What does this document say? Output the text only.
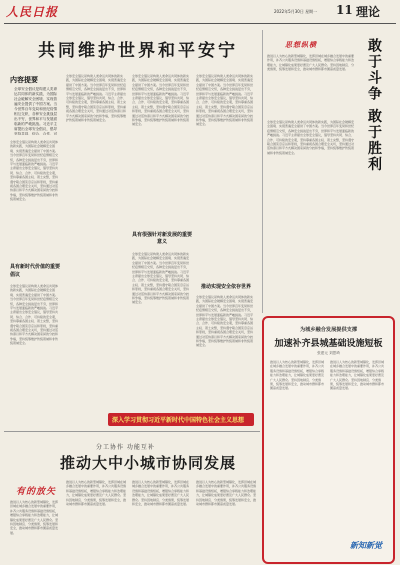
人民日报	2022年5月30日 星期一 11 理论
共同维护世界和平安宁
内容提要
全球安全倡议是构建人类命运共同体的新实践，为国际社会破解安全困境、实现普遍安全提供了中国方案。当今世界百年变局和世纪疫情相互交织，各种安全挑战层出不穷，世界和平与发展面临新的严峻挑战。习近平主席提出全球安全倡议，倡导坚持共同、综合、合作、可
全球安全倡议是构建人类命运共同体的新实践，为国际社会破解安全困境、实现普遍安全提供了中国方案。当今世界百年变局和世纪疫情相互交织，各种安全挑战层出不穷，世界和平与发展面临新的严峻挑战。习近平主席提出全球安全倡议，倡导坚持共同、综合、合作、可持续的安全观，坚持尊重各国主权、领土完整，坚持遵守联合国宪章宗旨和原则，坚持重视各国合理安全关切，坚持通过对话协商以和平方式解决国家间的分歧和争端，坚持统筹维护传统领域和非传统领域安全。
具有新时代价值的重要倡议
全球安全倡议是构建人类命运共同体的新实践，为国际社会破解安全困境、实现普遍安全提供了中国方案。当今世界百年变局和世纪疫情相互交织，各种安全挑战层出不穷，世界和平与发展面临新的严峻挑战。习近平主席提出全球安全倡议，倡导坚持共同、综合、合作、可持续的安全观，坚持尊重各国主权、领土完整，坚持遵守联合国宪章宗旨和原则，坚持重视各国合理安全关切，坚持通过对话协商以和平方式解决国家间的分歧和争端，坚持统筹维护传统领域和非传统领域安全。
全球安全倡议是构建人类命运共同体的新实践，为国际社会破解安全困境、实现普遍安全提供了中国方案。当今世界百年变局和世纪疫情相互交织，各种安全挑战层出不穷，世界和平与发展面临新的严峻挑战。习近平主席提出全球安全倡议，倡导坚持共同、综合、合作、可持续的安全观，坚持尊重各国主权、领土完整，坚持遵守联合国宪章宗旨和原则，坚持重视各国合理安全关切，坚持通过对话协商以和平方式解决国家间的分歧和争端，坚持统筹维护传统领域和非传统领域安全。
全球安全倡议是构建人类命运共同体的新实践，为国际社会破解安全困境、实现普遍安全提供了中国方案。当今世界百年变局和世纪疫情相互交织，各种安全挑战层出不穷，世界和平与发展面临新的严峻挑战。习近平主席提出全球安全倡议，倡导坚持共同、综合、合作、可持续的安全观，坚持尊重各国主权、领土完整，坚持遵守联合国宪章宗旨和原则，坚持重视各国合理安全关切，坚持通过对话协商以和平方式解决国家间的分歧和争端，坚持统筹维护传统领域和非传统领域安全。
具有很强针对新发展的重要意义
全球安全倡议是构建人类命运共同体的新实践，为国际社会破解安全困境、实现普遍安全提供了中国方案。当今世界百年变局和世纪疫情相互交织，各种安全挑战层出不穷，世界和平与发展面临新的严峻挑战。习近平主席提出全球安全倡议，倡导坚持共同、综合、合作、可持续的安全观，坚持尊重各国主权、领土完整，坚持遵守联合国宪章宗旨和原则，坚持重视各国合理安全关切，坚持通过对话协商以和平方式解决国家间的分歧和争端，坚持统筹维护传统领域和非传统领域安全。
全球安全倡议是构建人类命运共同体的新实践，为国际社会破解安全困境、实现普遍安全提供了中国方案。当今世界百年变局和世纪疫情相互交织，各种安全挑战层出不穷，世界和平与发展面临新的严峻挑战。习近平主席提出全球安全倡议，倡导坚持共同、综合、合作、可持续的安全观，坚持尊重各国主权、领土完整，坚持遵守联合国宪章宗旨和原则，坚持重视各国合理安全关切，坚持通过对话协商以和平方式解决国家间的分歧和争端，坚持统筹维护传统领域和非传统领域安全。
推动实现安全依存世界
全球安全倡议是构建人类命运共同体的新实践，为国际社会破解安全困境、实现普遍安全提供了中国方案。当今世界百年变局和世纪疫情相互交织，各种安全挑战层出不穷，世界和平与发展面临新的严峻挑战。习近平主席提出全球安全倡议，倡导坚持共同、综合、合作、可持续的安全观，坚持尊重各国主权、领土完整，坚持遵守联合国宪章宗旨和原则，坚持重视各国合理安全关切，坚持通过对话协商以和平方式解决国家间的分歧和争端，坚持统筹维护传统领域和非传统领域安全。
思想纵横
推进以人为核心的新型城镇化，发挥县城在城乡融合发展中的重要作用，补齐公共服务设施和基础设施短板，增强综合承载能力和治理能力，让城镇化成果更好惠及广大人民群众。坚持因地制宜、分类施策，统筹发展和安全，推动城市群和都市圈高质量发展。
全球安全倡议是构建人类命运共同体的新实践，为国际社会破解安全困境、实现普遍安全提供了中国方案。当今世界百年变局和世纪疫情相互交织，各种安全挑战层出不穷，世界和平与发展面临新的严峻挑战。习近平主席提出全球安全倡议，倡导坚持共同、综合、合作、可持续的安全观，坚持尊重各国主权、领土完整，坚持遵守联合国宪章宗旨和原则，坚持重视各国合理安全关切，坚持通过对话协商以和平方式解决国家间的分歧和争端，坚持统筹维护传统领域和非传统领域安全。	敢于斗争 敢于胜利
深入学习贯彻习近平新时代中国特色社会主义思想
分工协作 功能互补
推动大中小城市协同发展
有的放矢
推进以人为核心的新型城镇化，发挥县城在城乡融合发展中的重要作用，补齐公共服务设施和基础设施短板，增强综合承载能力和治理能力，让城镇化成果更好惠及广大人民群众。坚持因地制宜、分类施策，统筹发展和安全，推动城市群和都市圈高质量发展。
推进以人为核心的新型城镇化，发挥县城在城乡融合发展中的重要作用，补齐公共服务设施和基础设施短板，增强综合承载能力和治理能力，让城镇化成果更好惠及广大人民群众。坚持因地制宜、分类施策，统筹发展和安全，推动城市群和都市圈高质量发展。
推进以人为核心的新型城镇化，发挥县城在城乡融合发展中的重要作用，补齐公共服务设施和基础设施短板，增强综合承载能力和治理能力，让城镇化成果更好惠及广大人民群众。坚持因地制宜、分类施策，统筹发展和安全，推动城市群和都市圈高质量发展。
推进以人为核心的新型城镇化，发挥县城在城乡融合发展中的重要作用，补齐公共服务设施和基础设施短板，增强综合承载能力和治理能力，让城镇化成果更好惠及广大人民群众。坚持因地制宜、分类施策，统筹发展和安全，推动城市群和都市圈高质量发展。
为城乡融合发展提供支撑
加速补齐县城基础设施短板
张建元 刘思琦
推进以人为核心的新型城镇化，发挥县城在城乡融合发展中的重要作用，补齐公共服务设施和基础设施短板，增强综合承载能力和治理能力，让城镇化成果更好惠及广大人民群众。坚持因地制宜、分类施策，统筹发展和安全，推动城市群和都市圈高质量发展。
推进以人为核心的新型城镇化，发挥县城在城乡融合发展中的重要作用，补齐公共服务设施和基础设施短板，增强综合承载能力和治理能力，让城镇化成果更好惠及广大人民群众。坚持因地制宜、分类施策，统筹发展和安全，推动城市群和都市圈高质量发展。
新知新觉
